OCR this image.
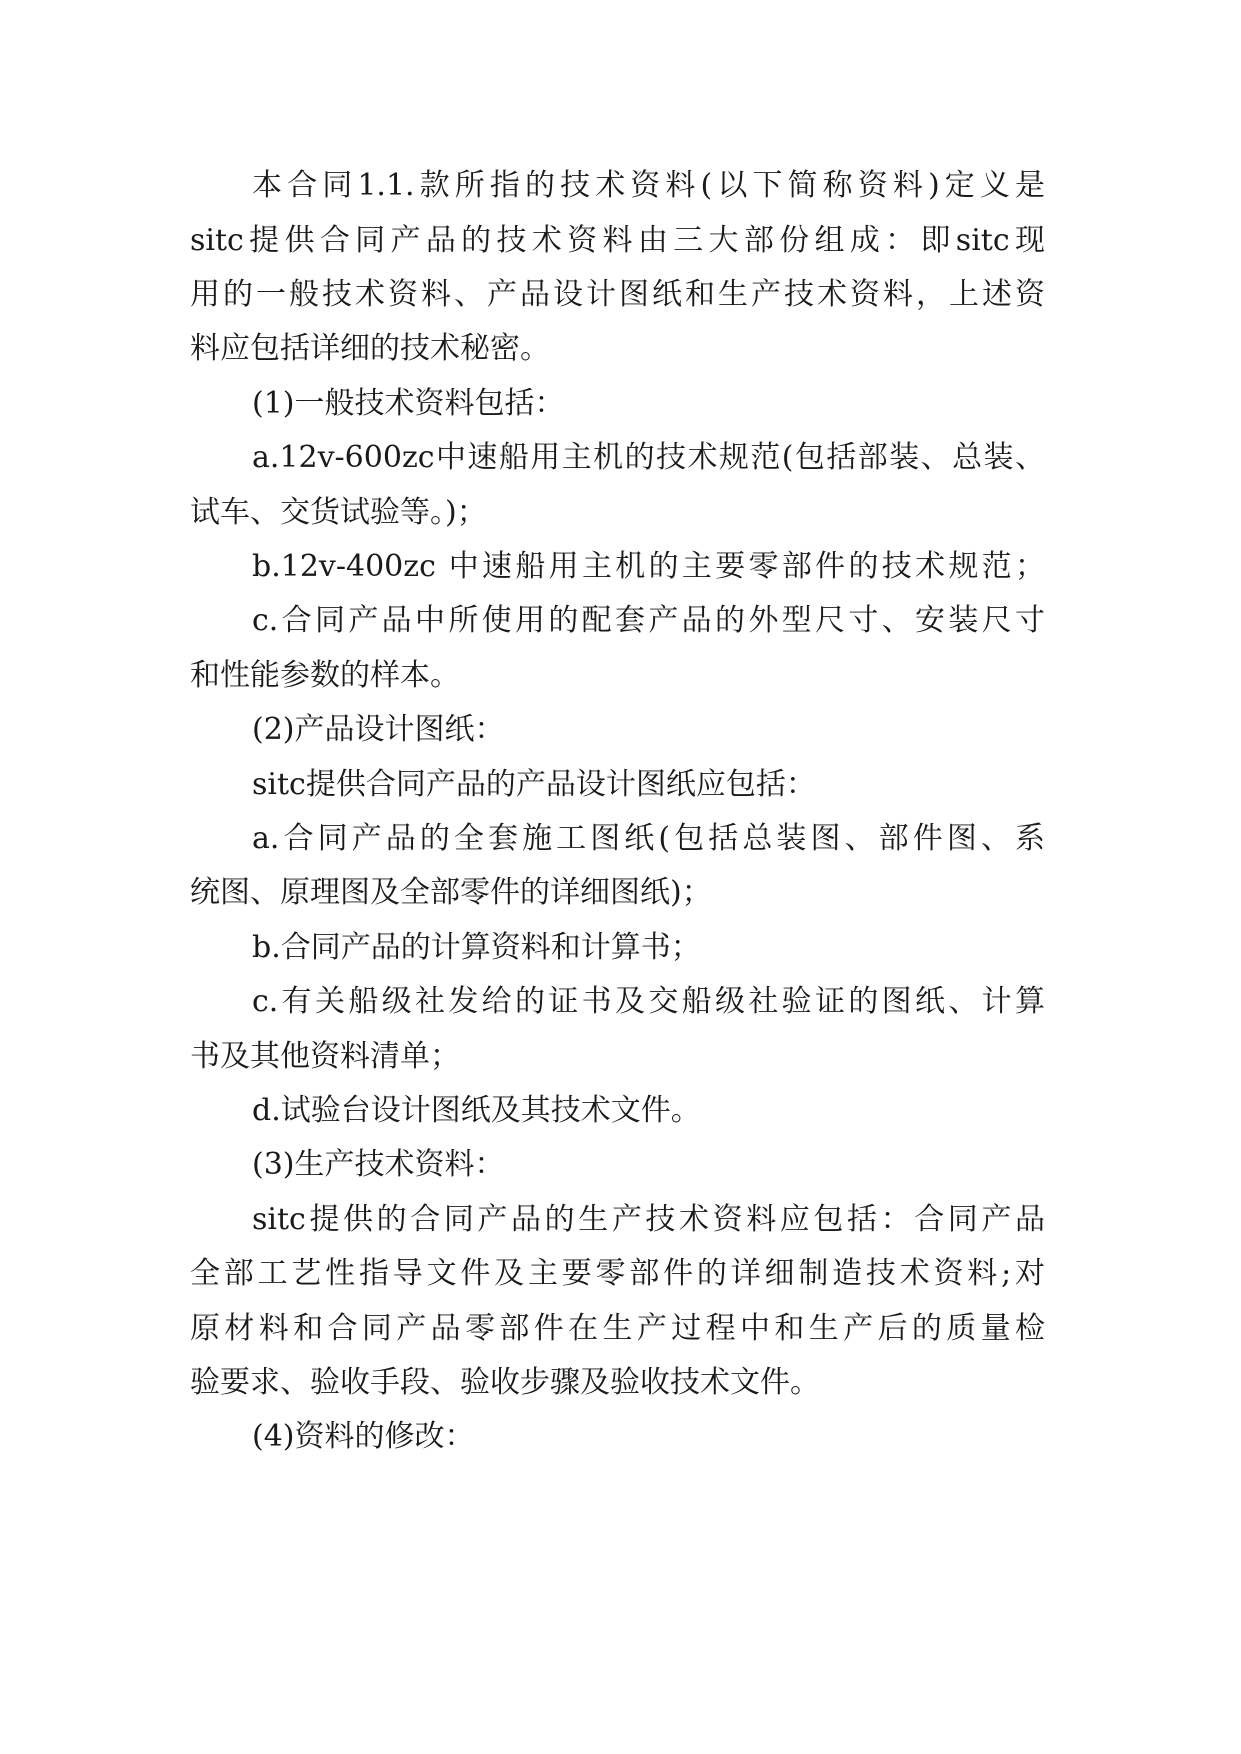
本合同1.1.款所指的技术资料(以下简称资料)定义是

sitc提供合同产品的技术资料由三大部份组成：即sitc现

用的一般技术资料、产品设计图纸和生产技术资料，上述资

料应包括详细的技术秘密。

(1)一般技术资料包括：

a.12v-600zc中速船用主机的技术规范(包括部装、总装、

试车、交货试验等。)；

b.12v-400zc 中速船用主机的主要零部件的技术规范；

c.合同产品中所使用的配套产品的外型尺寸、安装尺寸

和性能参数的样本。

(2)产品设计图纸：

sitc提供合同产品的产品设计图纸应包括：

a.合同产品的全套施工图纸(包括总装图、部件图、系

统图、原理图及全部零件的详细图纸)；

b.合同产品的计算资料和计算书；

c.有关船级社发给的证书及交船级社验证的图纸、计算

书及其他资料清单；

d.试验台设计图纸及其技术文件。

(3)生产技术资料：

sitc提供的合同产品的生产技术资料应包括：合同产品

全部工艺性指导文件及主要零部件的详细制造技术资料;对

原材料和合同产品零部件在生产过程中和生产后的质量检

验要求、验收手段、验收步骤及验收技术文件。

(4)资料的修改：
